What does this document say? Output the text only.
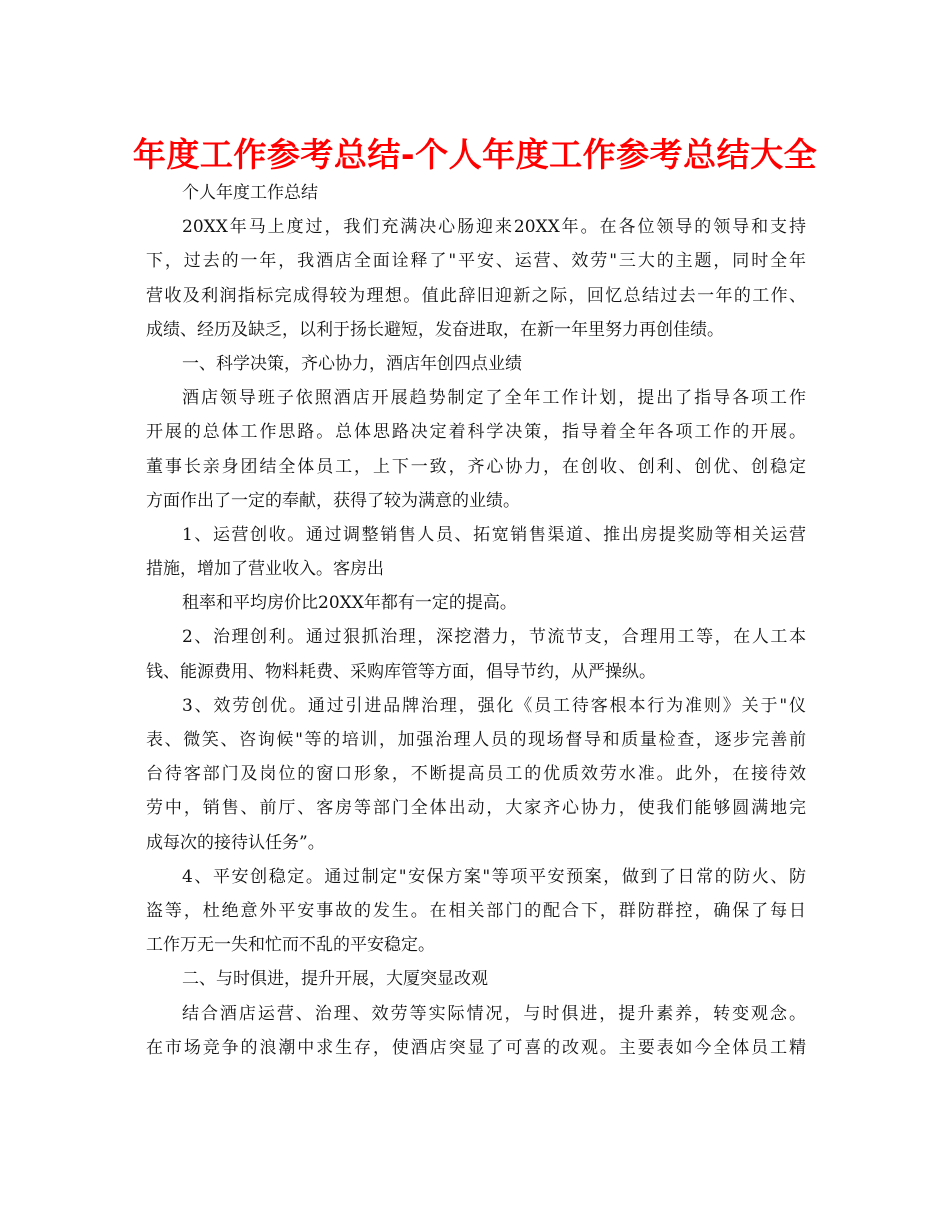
年度工作参考总结-个人年度工作参考总结大全

个人年度工作总结

20XX年马上度过，我们充满决心肠迎来20XX年。在各位领导的领导和支持

下，过去的一年，我酒店全面诠释了"平安、运营、效劳"三大的主题，同时全年

营收及利润指标完成得较为理想。值此辞旧迎新之际，回忆总结过去一年的工作、

成绩、经历及缺乏，以利于扬长避短，发奋进取，在新一年里努力再创佳绩。

一、科学决策，齐心协力，酒店年创四点业绩

酒店领导班子依照酒店开展趋势制定了全年工作计划，提出了指导各项工作

开展的总体工作思路。总体思路决定着科学决策，指导着全年各项工作的开展。

董事长亲身团结全体员工，上下一致，齐心协力，在创收、创利、创优、创稳定

方面作出了一定的奉献，获得了较为满意的业绩。

1、运营创收。通过调整销售人员、拓宽销售渠道、推出房提奖励等相关运营

措施，增加了营业收入。客房出

租率和平均房价比20XX年都有一定的提高。

2、治理创利。通过狠抓治理，深挖潜力，节流节支，合理用工等，在人工本

钱、能源费用、物料耗费、采购库管等方面，倡导节约，从严操纵。

3、效劳创优。通过引进品牌治理，强化《员工待客根本行为准则》关于"仪

表、微笑、咨询候"等的培训，加强治理人员的现场督导和质量检查，逐步完善前

台待客部门及岗位的窗口形象，不断提高员工的优质效劳水准。此外，在接待效

劳中，销售、前厅、客房等部门全体出动，大家齐心协力，使我们能够圆满地完

成每次的接待认任务”。

4、平安创稳定。通过制定"安保方案"等项平安预案，做到了日常的防火、防

盗等，杜绝意外平安事故的发生。在相关部门的配合下，群防群控，确保了每日

工作万无一失和忙而不乱的平安稳定。

二、与时俱进，提升开展，大厦突显改观

结合酒店运营、治理、效劳等实际情况，与时俱进，提升素养，转变观念。

在市场竞争的浪潮中求生存，使酒店突显了可喜的改观。主要表如今全体员工精
